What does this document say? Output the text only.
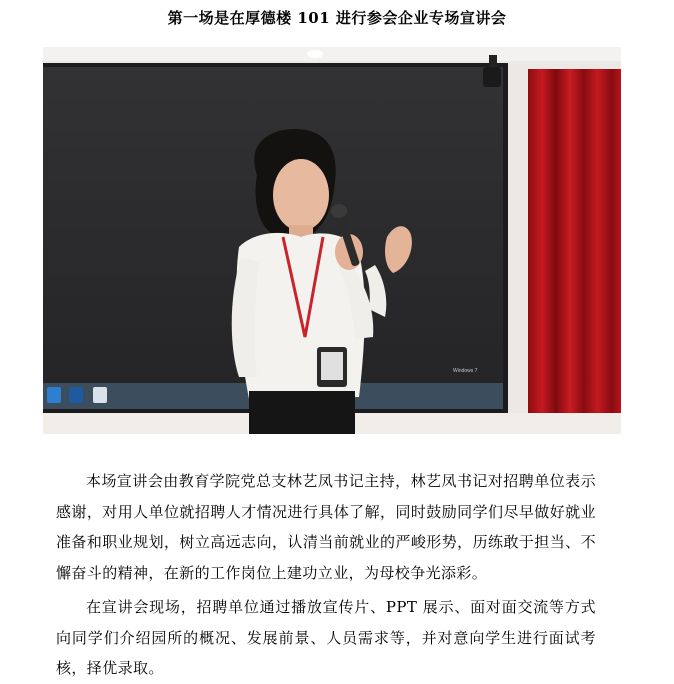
第一场是在厚德楼 101 进行参会企业专场宣讲会
Windows 7

本场宣讲会由教育学院党总支林艺凤书记主持，林艺凤书记对招聘单位表示感谢，对用人单位就招聘人才情况进行具体了解，同时鼓励同学们尽早做好就业准备和职业规划，树立高远志向，认清当前就业的严峻形势，历练敢于担当、不懈奋斗的精神，在新的工作岗位上建功立业，为母校争光添彩。

在宣讲会现场，招聘单位通过播放宣传片、PPT 展示、面对面交流等方式向同学们介绍园所的概况、发展前景、人员需求等，并对意向学生进行面试考核，择优录取。
